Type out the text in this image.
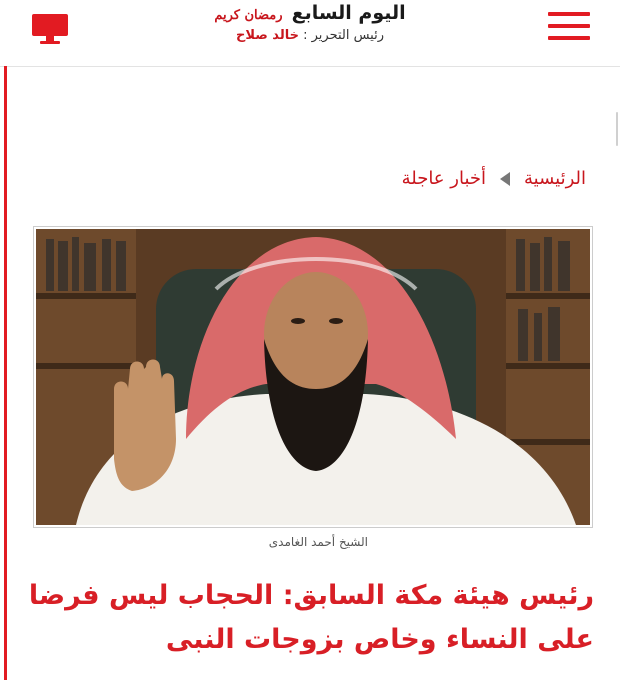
اليوم السابع رمضان كريم
رئيس التحرير : خالد صلاح
الرئيسية
أخبار عاجلة
الشيخ أحمد الغامدى
رئيس هيئة مكة السابق: الحجاب ليس فرضا على النساء وخاص بزوجات النبى
